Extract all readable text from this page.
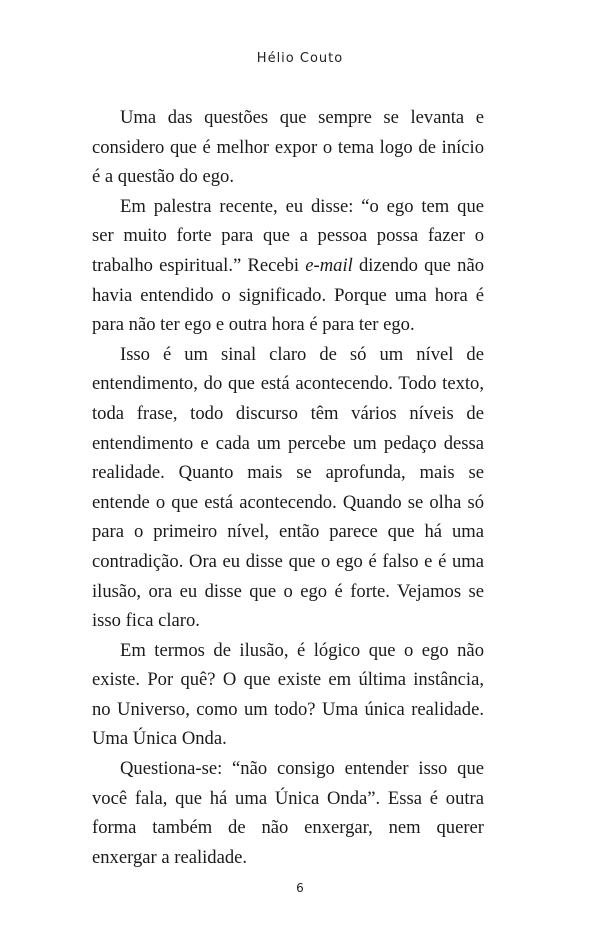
Hélio Couto

Uma das questões que sempre se levanta e considero que é melhor expor o tema logo de início é a questão do ego.

Em palestra recente, eu disse: “o ego tem que ser muito forte para que a pessoa possa fazer o trabalho espiritual.” Recebi e-mail dizendo que não havia entendido o significado. Porque uma hora é para não ter ego e outra hora é para ter ego.

Isso é um sinal claro de só um nível de entendimento, do que está acontecendo. Todo texto, toda frase, todo discurso têm vários níveis de entendimento e cada um percebe um pedaço dessa realidade. Quanto mais se aprofunda, mais se entende o que está acontecendo. Quando se olha só para o primeiro nível, então parece que há uma contradição. Ora eu disse que o ego é falso e é uma ilusão, ora eu disse que o ego é forte. Vejamos se isso fica claro.

Em termos de ilusão, é lógico que o ego não existe. Por quê? O que existe em última instância, no Universo, como um todo? Uma única realidade. Uma Única Onda.

Questiona-se: “não consigo entender isso que você fala, que há uma Única Onda”. Essa é outra forma também de não enxergar, nem querer enxergar a realidade.

6
